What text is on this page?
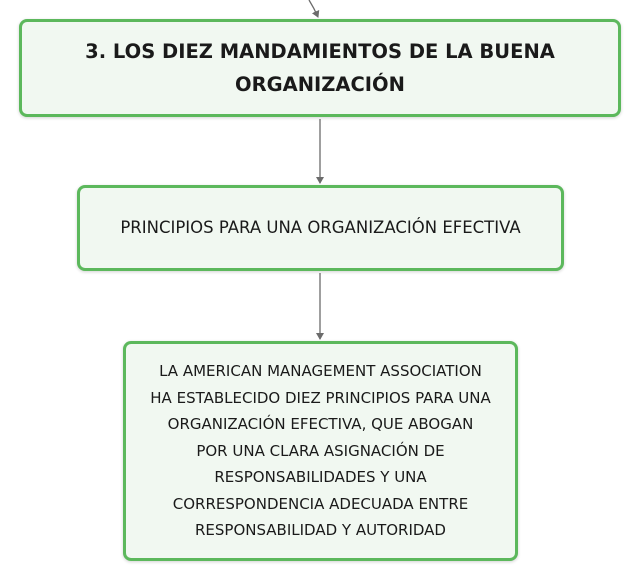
3. LOS DIEZ MANDAMIENTOS DE LA BUENA
ORGANIZACIÓN
PRINCIPIOS PARA UNA ORGANIZACIÓN EFECTIVA
LA AMERICAN MANAGEMENT ASSOCIATION
HA ESTABLECIDO DIEZ PRINCIPIOS PARA UNA
ORGANIZACIÓN EFECTIVA, QUE ABOGAN
POR UNA CLARA ASIGNACIÓN DE
RESPONSABILIDADES Y UNA
CORRESPONDENCIA ADECUADA ENTRE
RESPONSABILIDAD Y AUTORIDAD
